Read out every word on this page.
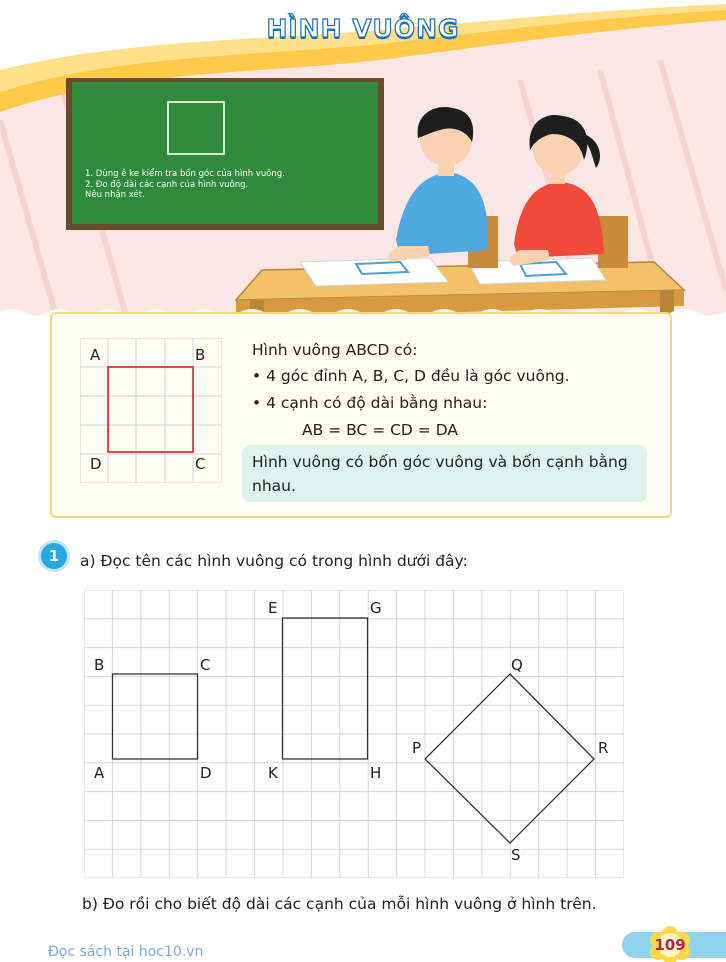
HÌNH VUÔNG
1. Dùng ê ke kiểm tra bốn góc của hình vuông.
2. Đo độ dài các cạnh của hình vuông.
Nêu nhận xét.
A	B
C
D
Hình vuông ABCD có:
• 4 góc đỉnh A, B, C, D đều là góc vuông.
• 4 cạnh có độ dài bằng nhau:
AB = BC = CD = DA
Hình vuông có bốn góc vuông và bốn cạnh bằng nhau.
1	a) Đọc tên các hình vuông có trong hình dưới đây:
B	C
A	D
E	G
K	H
Q
P	R
S
b) Đo rồi cho biết độ dài các cạnh của mỗi hình vuông ở hình trên.
Đọc sách tại hoc10.vn	109
